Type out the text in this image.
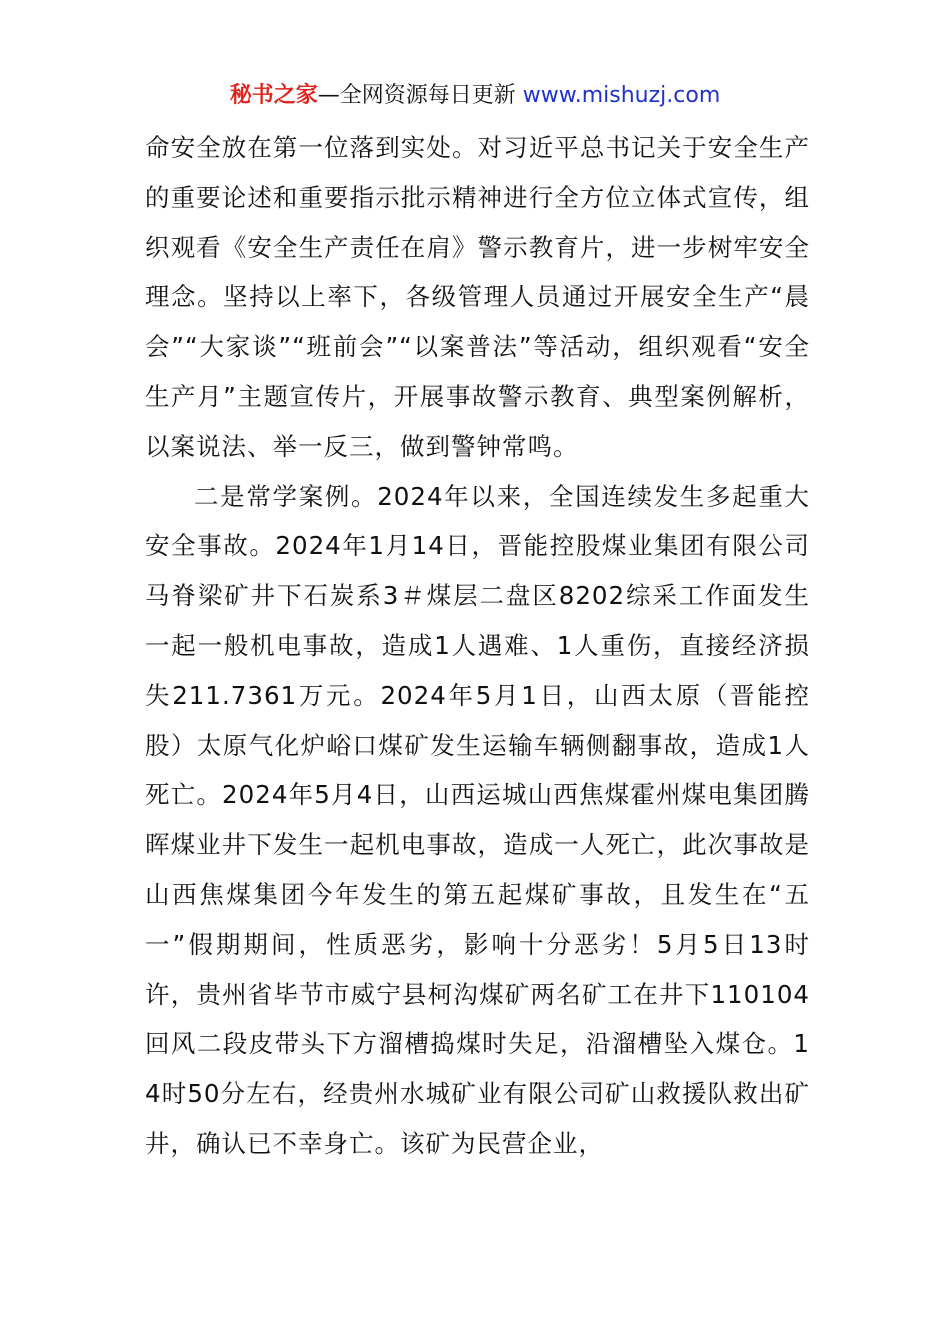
秘书之家—全网资源每日更新 www.mishuzj.com

命安全放在第一位落到实处。对习近平总书记关于安全生产的重要论述和重要指示批示精神进行全方位立体式宣传，组织观看《安全生产责任在肩》警示教育片，进一步树牢安全理念。坚持以上率下，各级管理人员通过开展安全生产“晨会”“大家谈”“班前会”“以案普法”等活动，组织观看“安全生产月”主题宣传片，开展事故警示教育、典型案例解析，以案说法、举一反三，做到警钟常鸣。

二是常学案例。2024年以来，全国连续发生多起重大安全事故。2024年1月14日，晋能控股煤业集团有限公司马脊梁矿井下石炭系3＃煤层二盘区8202综采工作面发生一起一般机电事故，造成1人遇难、1人重伤，直接经济损失211.7361万元。2024年5月1日，山西太原（晋能控股）太原气化炉峪口煤矿发生运输车辆侧翻事故，造成1人死亡。2024年5月4日，山西运城山西焦煤霍州煤电集团腾晖煤业井下发生一起机电事故，造成一人死亡，此次事故是山西焦煤集团今年发生的第五起煤矿事故，且发生在“五一”假期期间，性质恶劣，影响十分恶劣！5月5日13时许，贵州省毕节市威宁县柯沟煤矿两名矿工在井下110104回风二段皮带头下方溜槽捣煤时失足，沿溜槽坠入煤仓。14时50分左右，经贵州水城矿业有限公司矿山救援队救出矿井，确认已不幸身亡。该矿为民营企业，
